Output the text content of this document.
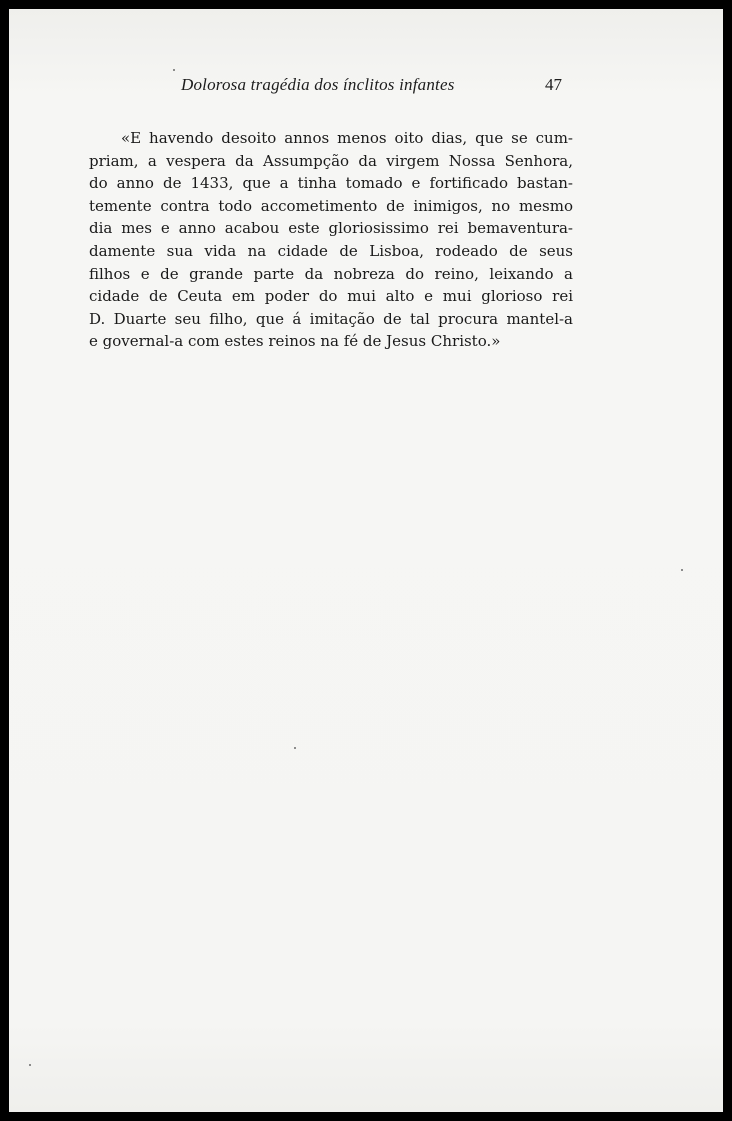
Dolorosa tragédia dos ínclitos infantes	47
«E havendo desoito annos menos oito dias, que se cum-
priam, a vespera da Assumpção da virgem Nossa Senhora,
do anno de 1433, que a tinha tomado e fortificado bastan-
temente contra todo accometimento de inimigos, no mesmo
dia mes e anno acabou este gloriosissimo rei bemaventura-
damente sua vida na cidade de Lisboa, rodeado de seus
filhos e de grande parte da nobreza do reino, leixando a
cidade de Ceuta em poder do mui alto e mui glorioso rei
D. Duarte seu filho, que á imitação de tal procura mantel-a
e governal-a com estes reinos na fé de Jesus Christo.»
